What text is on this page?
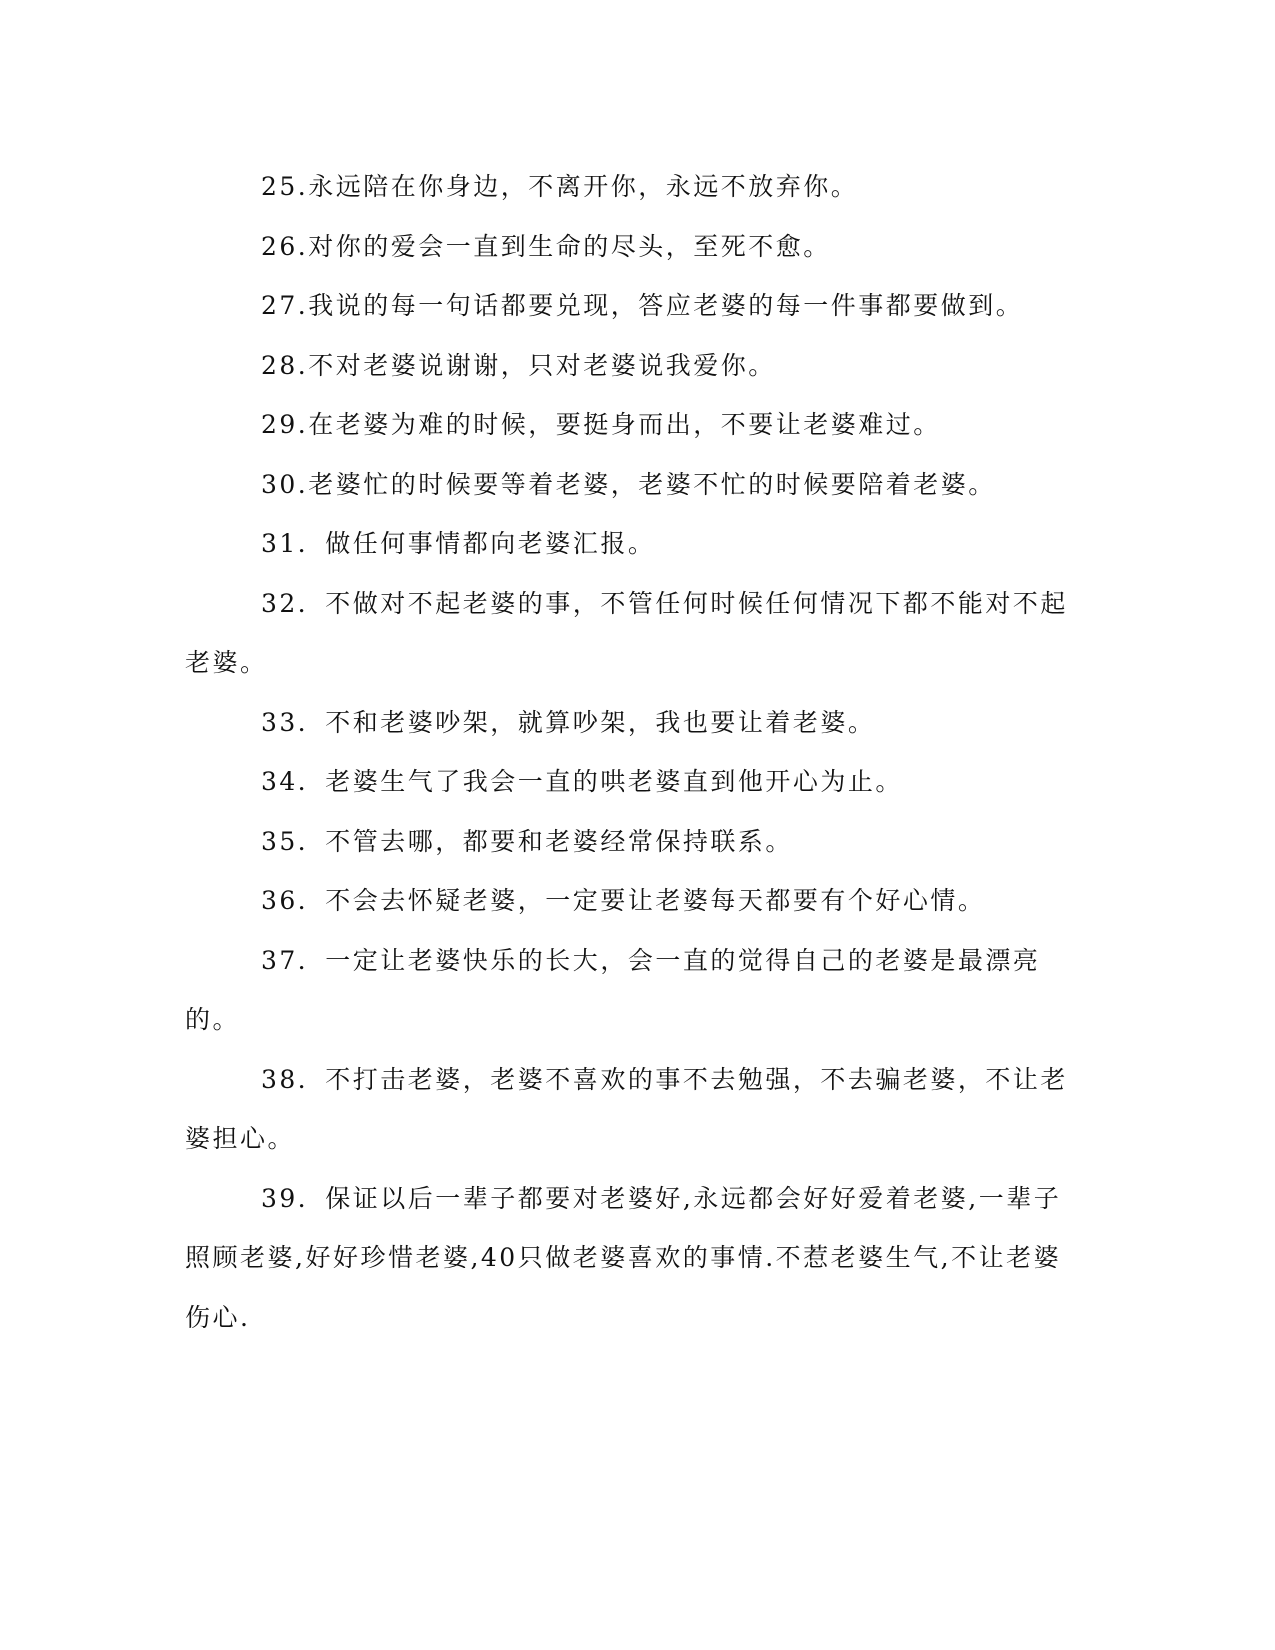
25.永远陪在你身边，不离开你，永远不放弃你。

26.对你的爱会一直到生命的尽头，至死不愈。

27.我说的每一句话都要兑现，答应老婆的每一件事都要做到。

28.不对老婆说谢谢，只对老婆说我爱你。

29.在老婆为难的时候，要挺身而出，不要让老婆难过。

30.老婆忙的时候要等着老婆，老婆不忙的时候要陪着老婆。

31．做任何事情都向老婆汇报。

32．不做对不起老婆的事，不管任何时候任何情况下都不能对不起老婆。

33．不和老婆吵架，就算吵架，我也要让着老婆。

34．老婆生气了我会一直的哄老婆直到他开心为止。

35．不管去哪，都要和老婆经常保持联系。

36．不会去怀疑老婆，一定要让老婆每天都要有个好心情。

37．一定让老婆快乐的长大，会一直的觉得自己的老婆是最漂亮的。

38．不打击老婆，老婆不喜欢的事不去勉强，不去骗老婆，不让老婆担心。

39．保证以后一辈子都要对老婆好,永远都会好好爱着老婆,一辈子照顾老婆,好好珍惜老婆,40只做老婆喜欢的事情.不惹老婆生气,不让老婆伤心.
